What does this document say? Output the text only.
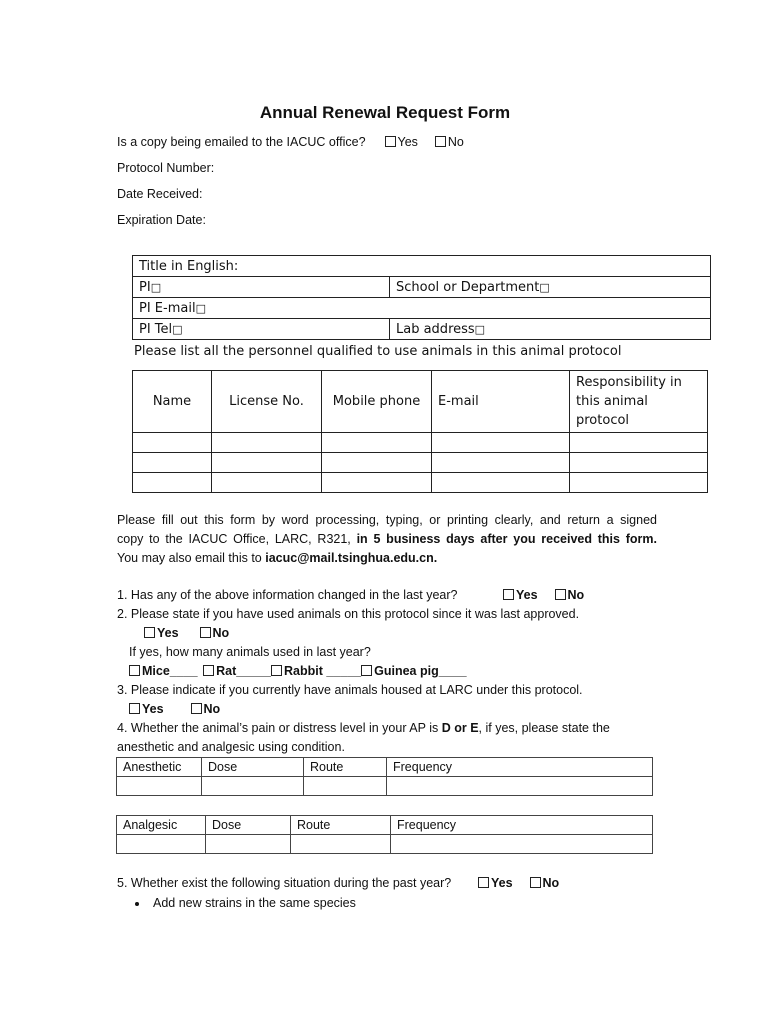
Annual Renewal Request Form
Is a copy being emailed to the IACUC office?	Yes No
Protocol Number:
Date Received:
Expiration Date:
Title in English:	
PI□	School or Department□
PI E-mail□	
PI Tel□	Lab address□
Please list all the personnel qualified to use animals in this animal protocol
Name	License No.	Mobile phone	E-mail	Responsibility in this animal protocol

Please fill out this form by word processing, typing, or printing clearly, and return a signed
copy to the IACUC Office, LARC, R321, in 5 business days after you received this form.
You may also email this to iacuc@mail.tsinghua.edu.cn.
1. Has any of the above information changed in the last year?	Yes No
2. Please state if you have used animals on this protocol since it was last approved.
Yes	No
If yes, how many animals used in last year?
Mice____ Rat_____ Rabbit _____ Guinea pig____
3. Please indicate if you currently have animals housed at LARC under this protocol.
Yes	No
4. Whether the animal’s pain or distress level in your AP is D or E, if yes, please state the
anesthetic and analgesic using condition.
Anesthetic	Dose	Route	Frequency

Analgesic	Dose	Route	Frequency

5. Whether exist the following situation during the past year?	Yes No
Add new strains in the same species
